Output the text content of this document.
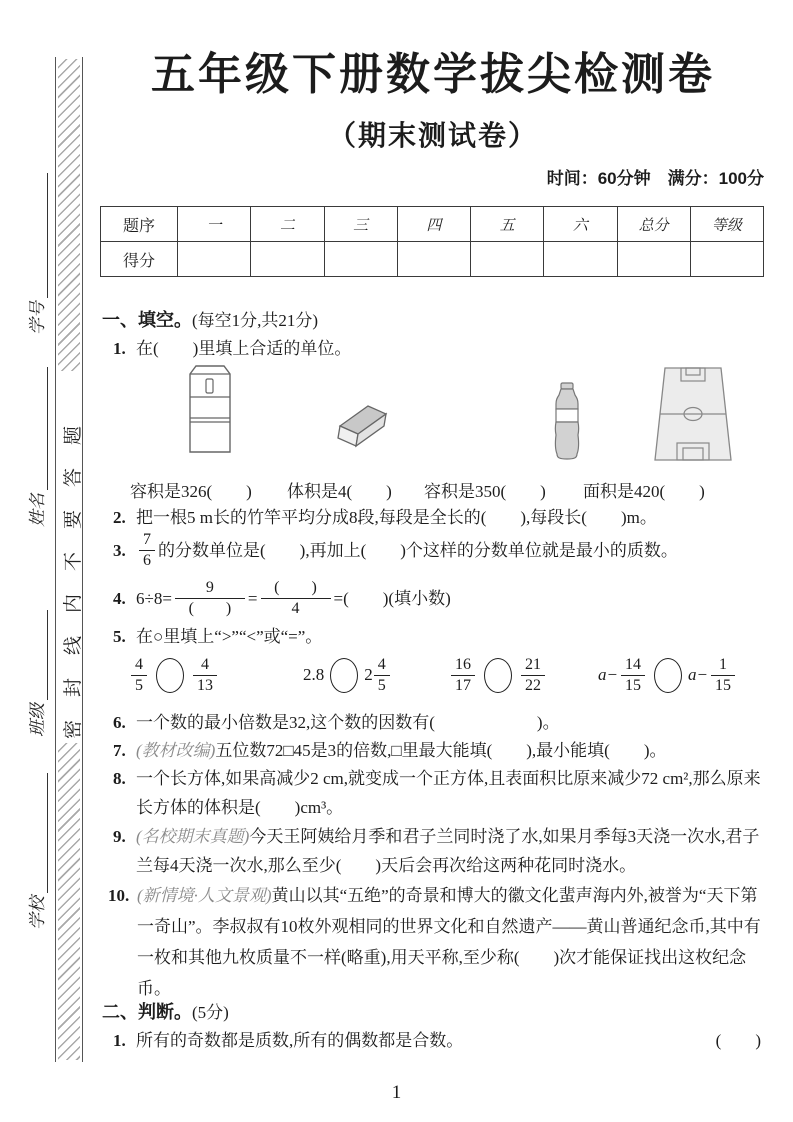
密封线内不要答题
学号
姓名
班级
学校
五年级下册数学拔尖检测卷
（期末测试卷）
时间：60分钟　满分：100分
题序	一	二	三	四	五	六	总分	等级
得分								
一、填空。(每空1分,共21分)
1. 在(　　)里填上合适的单位。
容积是326(　　) 体积是4(　　) 容积是350(　　) 面积是420(　　)
2. 把一根5 m长的竹竿平均分成8段,每段是全长的(　　),每段长(　　)m。
3. $\frac{7}{6}$ 的分数单位是(　　),再加上(　　)个这样的分数单位就是最小的质数。
4. $6\div 8= \frac{9}{( )} = \frac{( )}{4}$ = (　　)(填小数)
5. 在○里填上“>”“<”或“=”。
$\frac{4}{5}$	$\frac{4}{13}$	2.8 $2 \frac{4}{5}$	$\frac{16}{17}$	$\frac{21}{22}$	$a- \frac{14}{15}$	$a- \frac{1}{15}$
6. 一个数的最小倍数是32,这个数的因数有(　　　　　　)。
7. (教材改编)五位数72□45是3的倍数,□里最大能填(　　),最小能填(　　)。
8. 一个长方体,如果高减少2 cm,就变成一个正方体,且表面积比原来减少72 cm²,那么原来长方体的体积是(　　)cm³。
9. (名校期末真题)今天王阿姨给月季和君子兰同时浇了水,如果月季每3天浇一次水,君子兰每4天浇一次水,那么至少(　　)天后会再次给这两种花同时浇水。
10. (新情境·人文景观)黄山以其“五绝”的奇景和博大的徽文化蜚声海内外,被誉为“天下第一奇山”。李叔叔有10枚外观相同的世界文化和自然遗产——黄山普通纪念币,其中有一枚和其他九枚质量不一样(略重),用天平称,至少称(　　)次才能保证找出这枚纪念币。
二、判断。(5分)
1. 所有的奇数都是质数,所有的偶数都是合数。	(　　)
1
